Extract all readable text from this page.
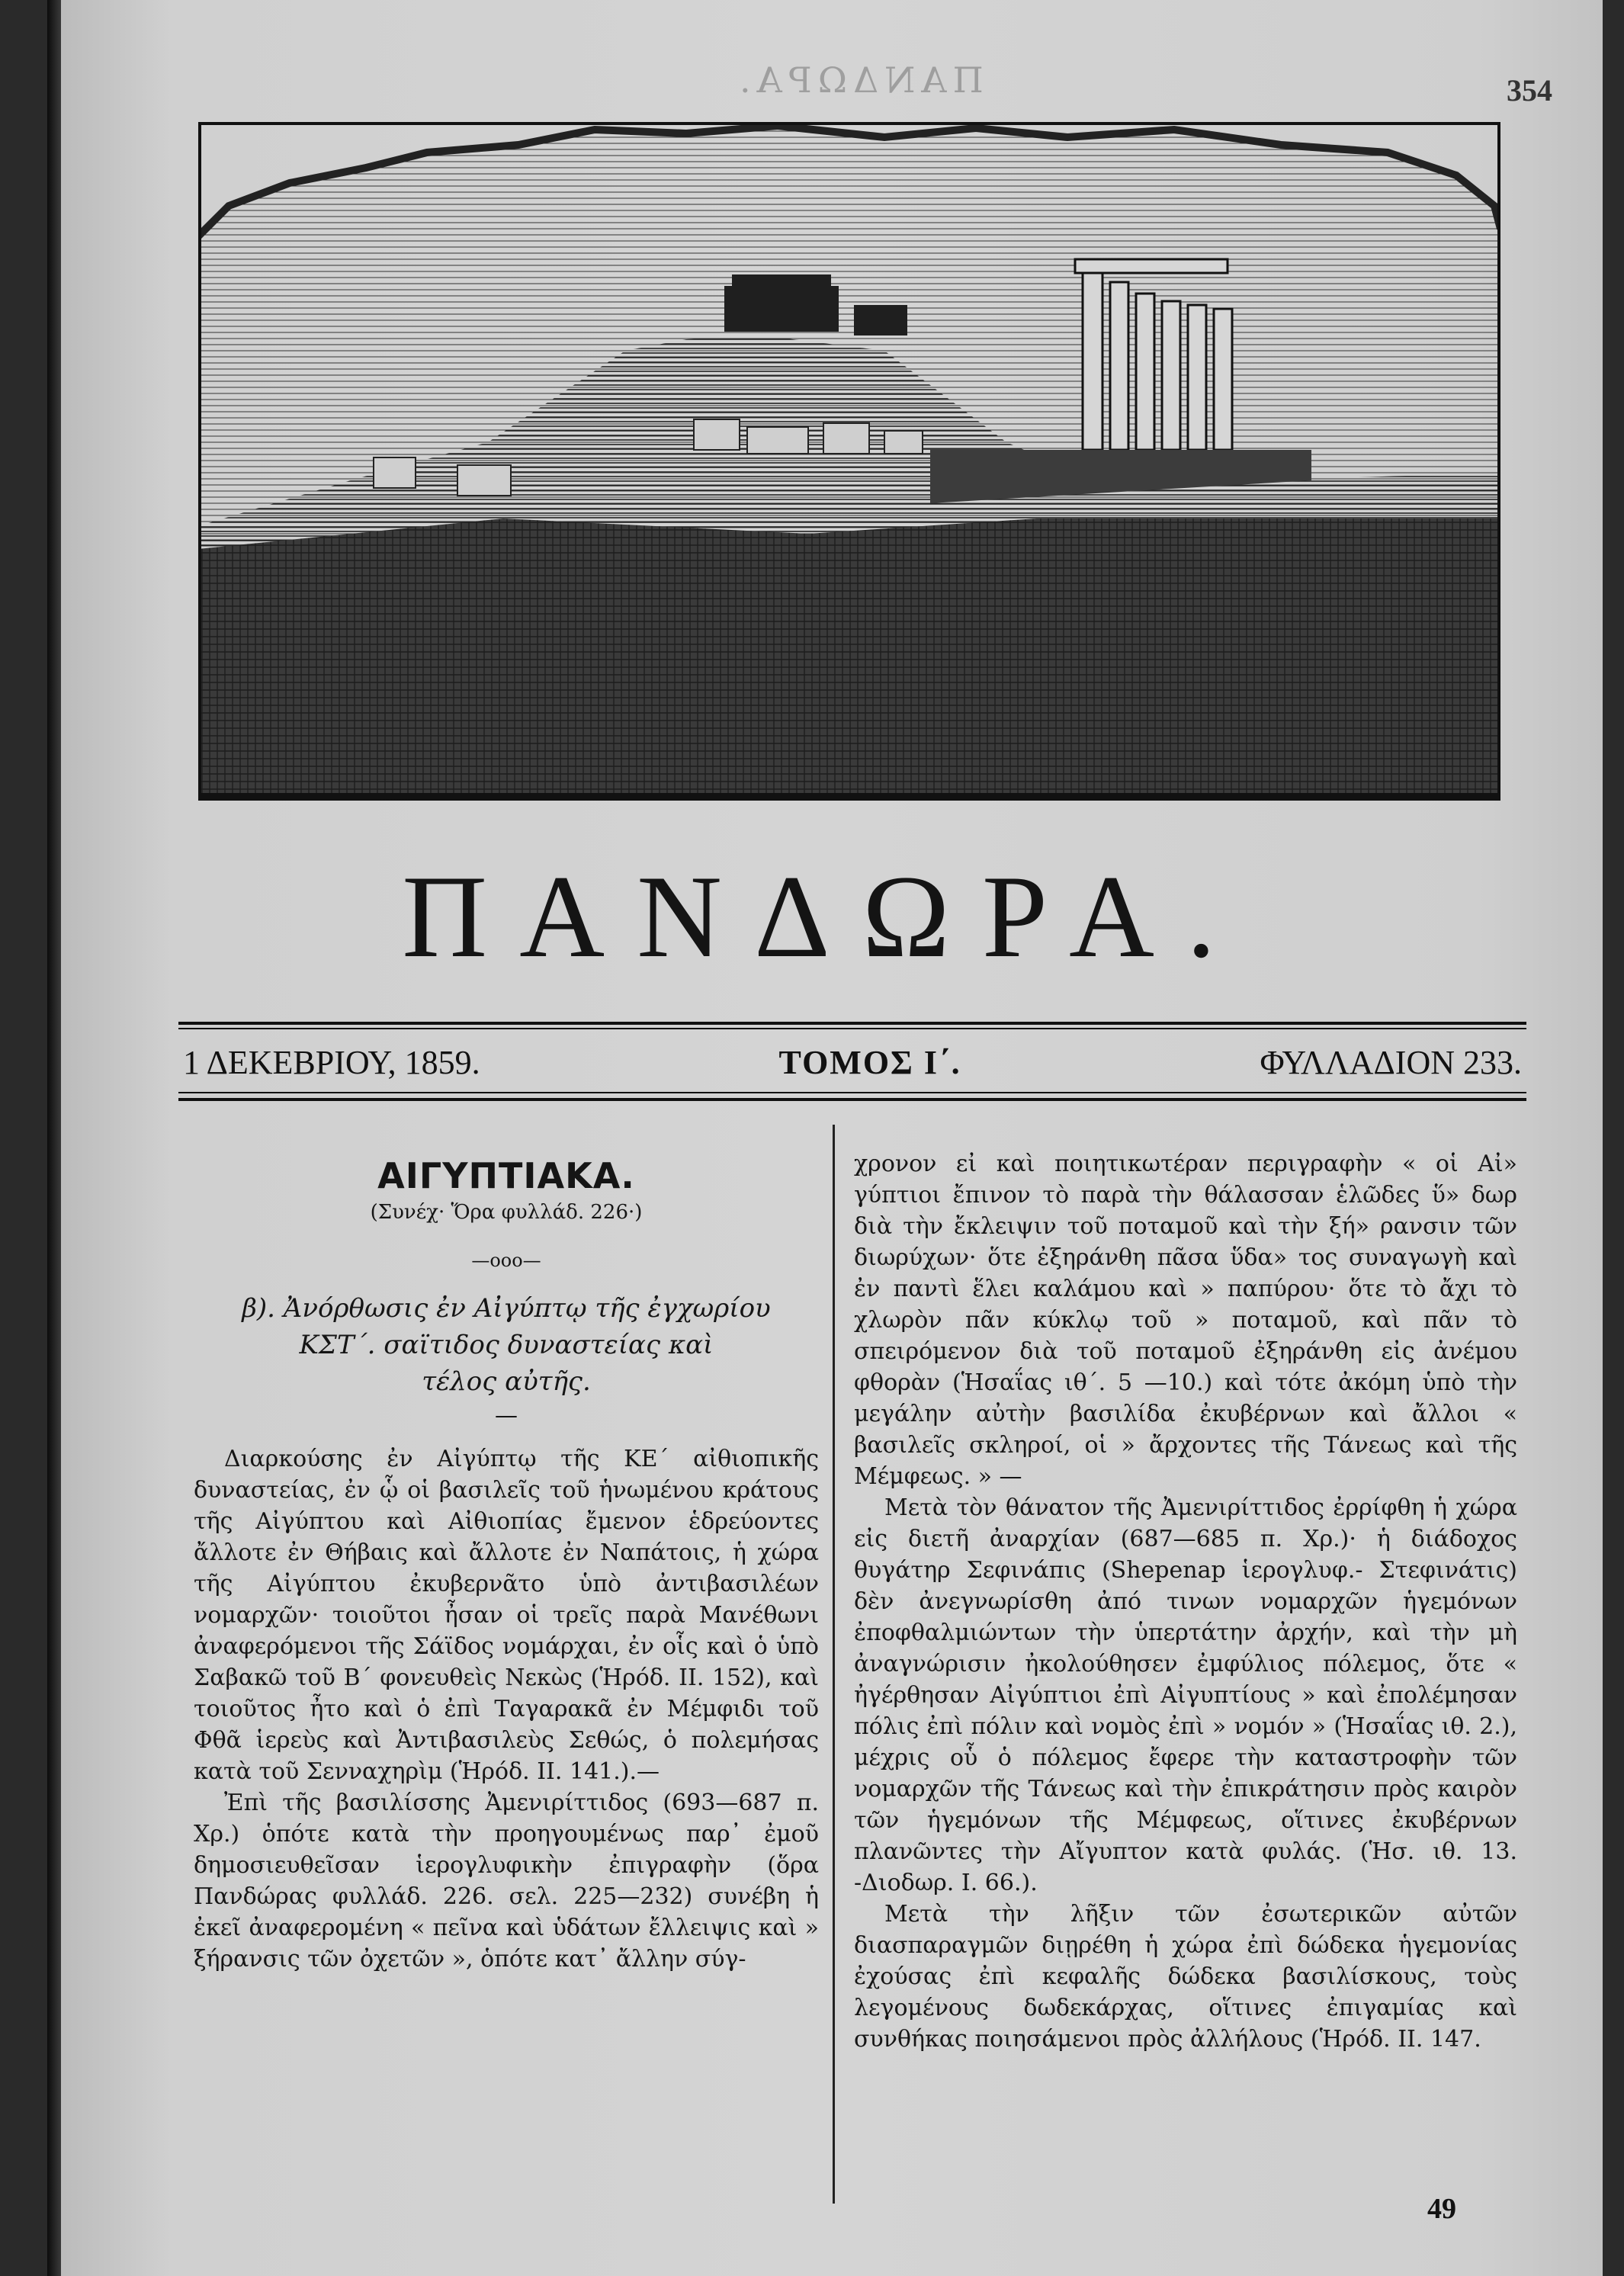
ΠΑΝΔΩΡΑ.	354
ΠΑΝΔΩΡΑ.
1 ΔΕΚΕΒΡΙΟΥ, 1859.	ΤΟΜΟΣ Ι΄.	ΦΥΛΛΑΔΙΟΝ 233.
ΑΙΓΥΠΤΙΑΚΑ.

(Συνέχ· Ὅρα φυλλάδ. 226·)

—οοο—

β). Ἀνόρθωσις ἐν Αἰγύπτῳ τῆς ἐγχωρίου

ΚΣΤ΄. σαϊτιδος δυναστείας καὶ

τέλος αὐτῆς.

—

Διαρκούσης ἐν Αἰγύπτῳ τῆς ΚΕ΄ αἰθιοπικῆς δυναστείας, ἐν ᾧ οἱ βασιλεῖς τοῦ ἡνωμένου κράτους τῆς Αἰγύπτου καὶ Αἰθιοπίας ἔμενον ἑδρεύοντες ἄλλοτε ἐν Θήβαις καὶ ἄλλοτε ἐν Ναπάτοις, ἡ χώρα τῆς Αἰγύπτου ἐκυβερνᾶτο ὑπὸ ἀντιβασιλέων νομαρχῶν· τοιοῦτοι ἦσαν οἱ τρεῖς παρὰ Μανέθωνι ἀναφερόμενοι τῆς Σάϊδος νομάρχαι, ἐν οἷς καὶ ὁ ὑπὸ Σαβακῶ τοῦ Β΄ φονευθεὶς Νεκὼς (Ἡρόδ. ΙΙ. 152), καὶ τοιοῦτος ἦτο καὶ ὁ ἐπὶ Ταγαρακᾶ ἐν Μέμφιδι τοῦ Φθᾶ ἱερεὺς καὶ Ἀντιβασιλεὺς Σεθώς, ὁ πολεμήσας κατὰ τοῦ Σενναχηρὶμ (Ἡρόδ. ΙΙ. 141.).—

Ἐπὶ τῆς βασιλίσσης Ἀμενιρίττιδος (693—687 π. Χρ.) ὁπότε κατὰ τὴν προηγουμένως παρ᾿ ἐμοῦ δημοσιευθεῖσαν ἱερογλυφικὴν ἐπιγραφὴν (ὅρα Πανδώρας φυλλάδ. 226. σελ. 225—232) συνέβη ἡ ἐκεῖ ἀναφερομένη « πεῖνα καὶ ὑδάτων ἔλλειψις καὶ » ξήρανσις τῶν ὀχετῶν », ὁπότε κατ᾿ ἄλλην σύγ-

χρονον εἰ καὶ ποιητικωτέραν περιγραφὴν « οἱ Αἰ» γύπτιοι ἔπινον τὸ παρὰ τὴν θάλασσαν ἑλῶδες ὕ» δωρ διὰ τὴν ἔκλειψιν τοῦ ποταμοῦ καὶ τὴν ξή» ρανσιν τῶν διωρύχων· ὅτε ἐξηράνθη πᾶσα ὕδα» τος συναγωγὴ καὶ ἐν παντὶ ἕλει καλάμου καὶ » παπύρου· ὅτε τὸ ἄχι τὸ χλωρὸν πᾶν κύκλῳ τοῦ » ποταμοῦ, καὶ πᾶν τὸ σπειρόμενον διὰ τοῦ ποταμοῦ ἐξηράνθη εἰς ἀνέμου φθορὰν (Ἡσαΐας ιθ΄. 5 —10.) καὶ τότε ἀκόμη ὑπὸ τὴν μεγάλην αὐτὴν βασιλίδα ἐκυβέρνων καὶ ἄλλοι « βασιλεῖς σκληροί, οἱ » ἄρχοντες τῆς Τάνεως καὶ τῆς Μέμφεως. » —

Μετὰ τὸν θάνατον τῆς Ἀμενιρίττιδος ἐρρίφθη ἡ χώρα εἰς διετῆ ἀναρχίαν (687—685 π. Χρ.)· ἡ διάδοχος θυγάτηρ Σεφινάπις (Shepenap ἱερογλυφ.- Στεφινάτις) δὲν ἀνεγνωρίσθη ἀπό τινων νομαρχῶν ἡγεμόνων ἐποφθαλμιώντων τὴν ὑπερτάτην ἀρχήν, καὶ τὴν μὴ ἀναγνώρισιν ἠκολούθησεν ἐμφύλιος πόλεμος, ὅτε « ἠγέρθησαν Αἰγύπτιοι ἐπὶ Αἰγυπτίους » καὶ ἐπολέμησαν πόλις ἐπὶ πόλιν καὶ νομὸς ἐπὶ » νομόν » (Ἡσαΐας ιθ. 2.), μέχρις οὗ ὁ πόλεμος ἔφερε τὴν καταστροφὴν τῶν νομαρχῶν τῆς Τάνεως καὶ τὴν ἐπικράτησιν πρὸς καιρὸν τῶν ἡγεμόνων τῆς Μέμφεως, οἵτινες ἐκυβέρνων πλανῶντες τὴν Αἴγυπτον κατὰ φυλάς. (Ἡσ. ιθ. 13. -Διοδωρ. Ι. 66.).

Μετὰ τὴν λῆξιν τῶν ἐσωτερικῶν αὐτῶν διασπαραγμῶν διῃρέθη ἡ χώρα ἐπὶ δώδεκα ἡγεμονίας ἐχούσας ἐπὶ κεφαλῆς δώδεκα βασιλίσκους, τοὺς λεγομένους δωδεκάρχας, οἵτινες ἐπιγαμίας καὶ συνθήκας ποιησάμενοι πρὸς ἀλλήλους (Ἡρόδ. ΙΙ. 147.

49
